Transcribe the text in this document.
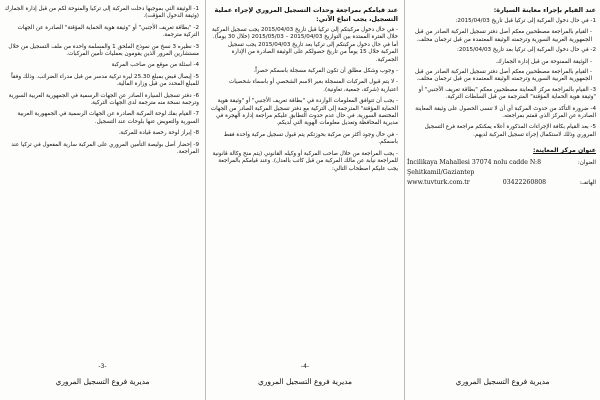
1- الوثيقة التي بموجبها دخلت المركبة إلى تركيا والمنوحة لكم من قبل إدارة الجمارك (وثيقة الدخول المؤقت).

2- "بطاقة تعريف الأجنبي" أو "وثيقة هوية الحماية المؤقتة" الصادرة عن الجهات التركية مترجمة.

3- نظيره 3 نسخ من نموذج الملحق 1 والمسلمة واحدة من ملف التسجيل من خلال مستشارين المرور الذين يقومون بعمليات تأمين المركبات.

4- اسئلة من موقع من صاحب المركبة

5- إيصال قبض بمبلغ 25.30 ليرة تركية مدسر من قبل مدراء الضرائب. وذلك وفقاً للمبلغ المحدد من قبل وزارة المالية.

6- دفتر تسجيل السيارة الصادر عن الجهات الرسمية في الجمهورية العربية السورية وترجمة نسخة منه مترجمة لدى الجهات التركية.

7- القيام بفك لوحة المركبة الصادرة عن الجهات الرسمية في الجمهورية العربية السورية والتعويض عنها بلوحات عند التسجيل.

8- إبراز لوحة رخصة قيادة للمركبة.

9- إحضار أصل بوليصة التأمين المروري على المركبة سارية المفعول في تركيا عند المراجعة.

-3-
مديرية فروع التسجيل المروري

عند قيامكم بمراجعة وحدات التسجيل المروري لإجراء عملية التسجيل، يجب اتباع الآتي:

- في حال دخول مركبتكم إلى تركيا قبل تاريخ 2015/04/03 يجب تسجيل المركبة خلال الفترة الممتدة بين التواريخ 2015/04/03 – 2015/05/03 (خلال 30 يوماً). أما في حال دخول مركبتكم إلى تركيا بعد تاريخ 2015/04/03 يجب تسجيل المركبة خلال 15 يوماً من تاريخ حصولكم على الوثيقة الصادرة من الإدارة الجمركية.

- وجوب وشكل مطلق أن تكون المركبة مسجلة باسمكم حصراً.

- لا يتم قبول المركبات المسجلة بغير الاسم الشخصي أو باسماء شخصيات اعتبارية (شركة، جمعية، تعاونية).

- يجب أن تتوافق المعلومات الواردة في "بطاقة تعريف الأجنبي" أو "وثيقة هوية الحماية المؤقتة" المترجمة إلى التركية مع دفتر تسجيل المركبة الصادر من الجهات المختصة السورية. في حال عدم حدوث التطابق عليكم مراجعة إدارة الهجرة في مديرية المحافظة وتعديل معلومات الهوية التي لديكم.

- في حال وجود أكثر من مركبة بحوزتكم يتم قبول تسجيل مركبة واحدة فقط باسمكم.

- يجب المراجعة من خلال صاحب المركبة أو وكيله القانوني (يتم منح وكالة قانونية للمراجعة نيابة عن مالك المركبة من قبل كاتب بالعدل). وعند قيامكم بالمراجعة يجب عليكم اصطحاب التالي:

-4-
مديرية فروع التسجيل المروري

عند القيام بإجراء معاينة السيارة:

1- في حال دخول المركبة إلى تركيا قبل تاريخ 2015/04/03:

- القيام بالمراجعة مصطحبين معكم أصل دفتر تسجيل المركبة الصادر من قبل الجمهورية العربية السورية وترجمته الوثيقة المعتمدة من قبل ترجمان محلف.

2- في حال دخول المركبة إلى تركيا بعد تاريخ 2015/04/03:

- الوثيقة الممنوحة من قبل إدارة الجمارك.

- القيام بالمراجعة مصطحبين معكم أصل دفتر تسجيل المركبة الصادر من قبل الجمهورية العربية السورية وترجمته الوثيقة المعتمدة من قبل ترجمان محلف.

3- القيام بالمراجعة مركز المعاينة مصطحبين معكم "بطاقة تعريف الأجنبي" أو "وثيقة هوية الحماية المؤقتة" المترجمة من قبل السلطات التركية.

4- ضرورة التأكد من حدوث المركبة أي أن لا تنسى الحصول على وثيقة المعاينة الصادرة عن المركز الذي قمتم بمراجعته.

5- بعد القيام بكافة الإجراءات المذكورة أعلاه يمكنكم مراجعة فرع التسجيل المروري وذلك لاستكمال إجراء تسجيل المركبة لديهم.

عنوان مركز المعاينة:

İncilikaya Mahallesi 37074 nolu cadde N:8	العنوان:
Şehitkamil/Gaziantep
www.tuvturk.com.tr	03422260808	الهاتف:
مديرية فروع التسجيل المروري
